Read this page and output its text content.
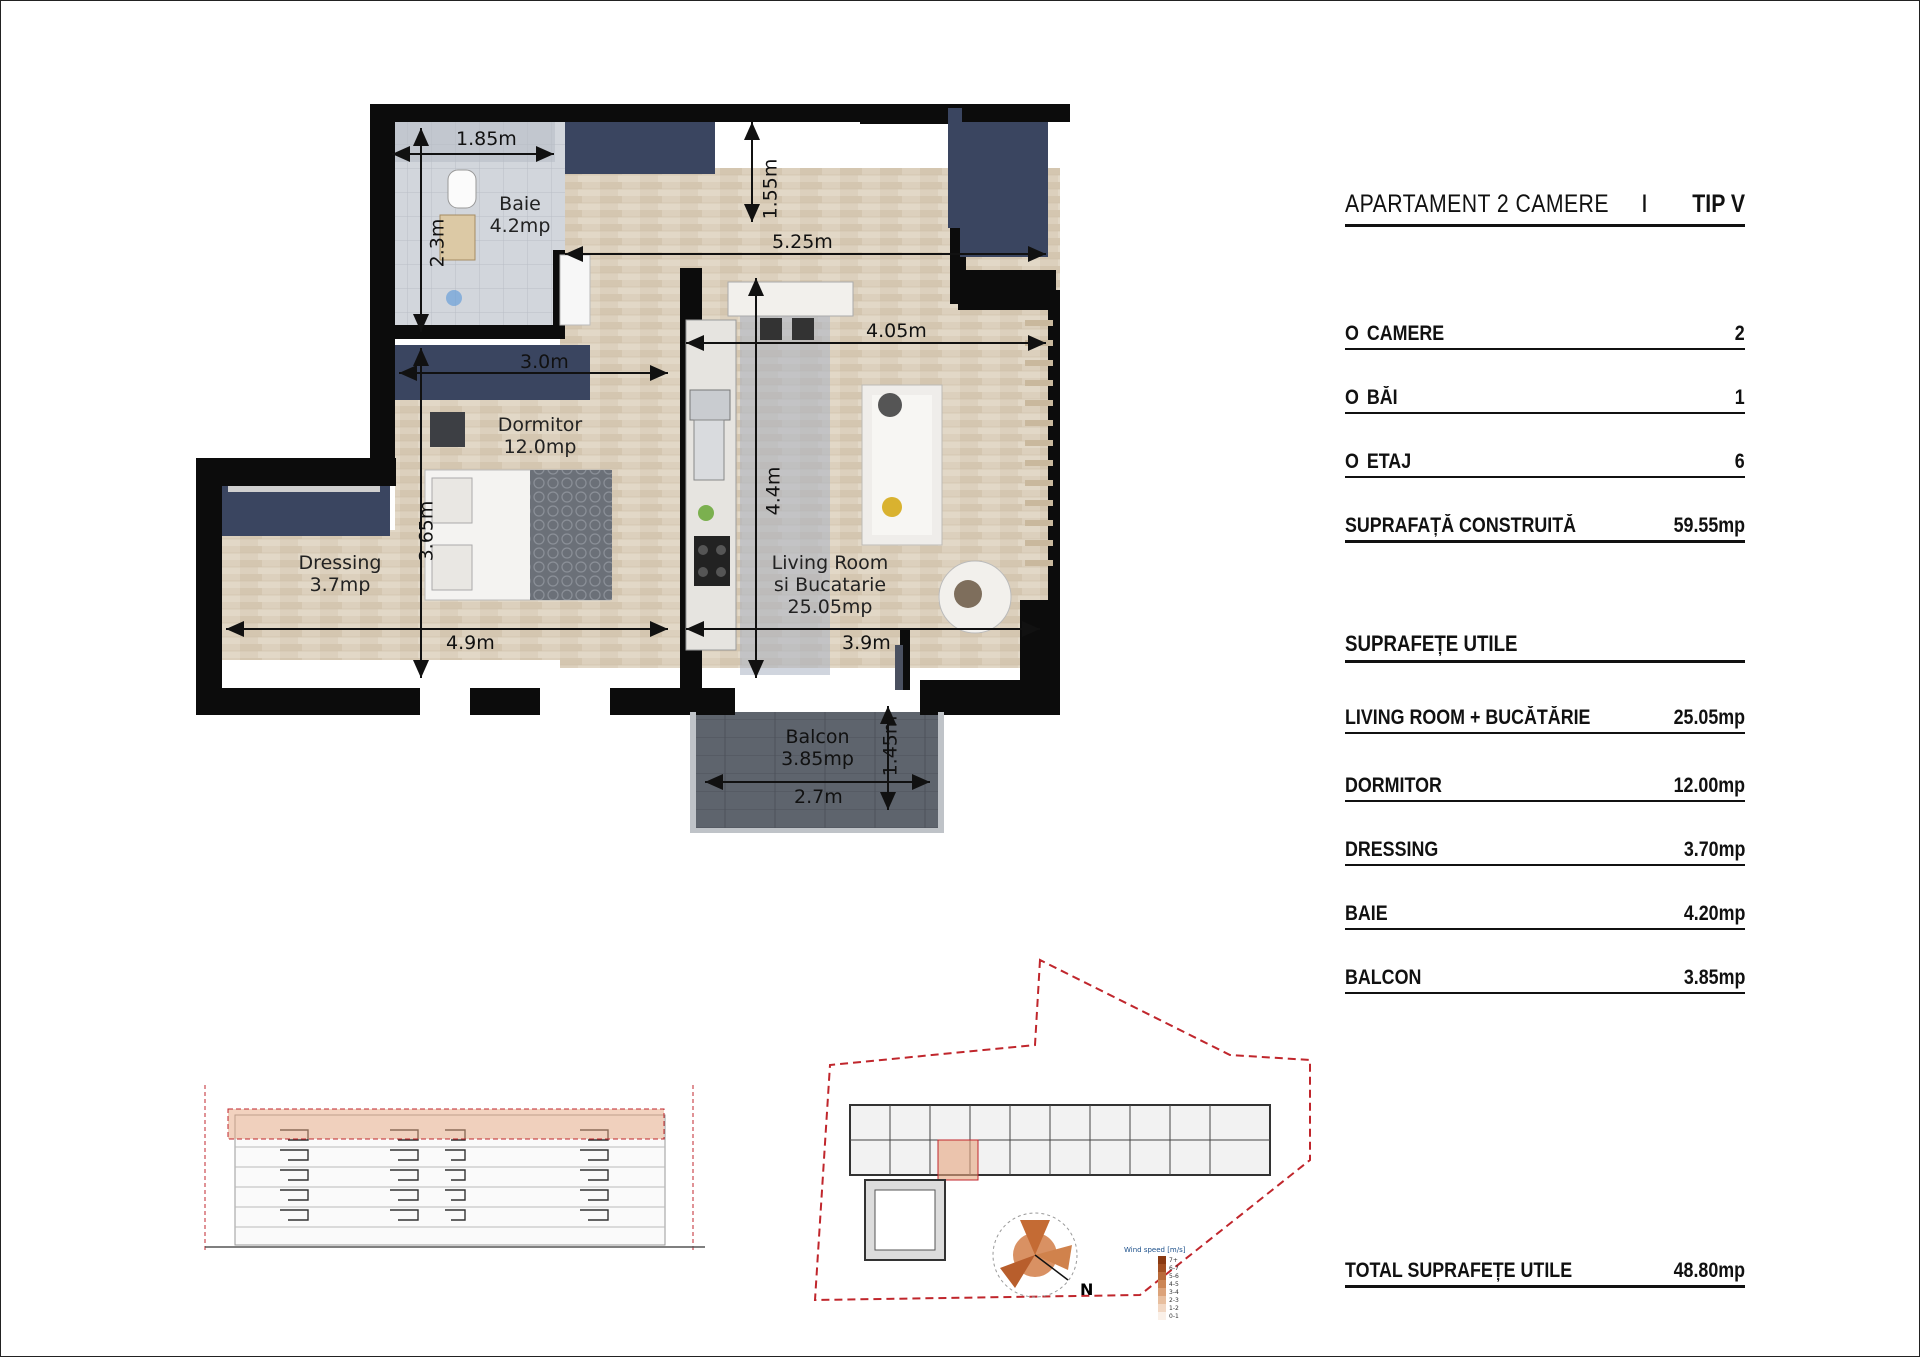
Baie
4.2mp
Dormitor
12.0mp
Dressing
3.7mp
Living Room
si Bucatarie
25.05mp
Balcon
3.85mp
1.85m
2.3m	5.25m
1.55m
3.0m
4.05m
3.65m
4.4m
4.9m	3.9m
1.45m
2.7m
APARTAMENT 2 CAMERE I TIP V
O CAMERE	2
O BĂI	1
O ETAJ	6
SUPRAFAȚĂ CONSTRUITĂ	59.55mp
SUPRAFEȚE UTILE
LIVING ROOM + BUCĂTĂRIE	25.05mp
DORMITOR	12.00mp
DRESSING	3.70mp
BAIE	4.20mp
BALCON	3.85mp
TOTAL SUPRAFEȚE UTILE	48.80mp
N
Wind speed [m/s]
7+
6-7
5-6
4-5
3-4
2-3
1-2
0-1
